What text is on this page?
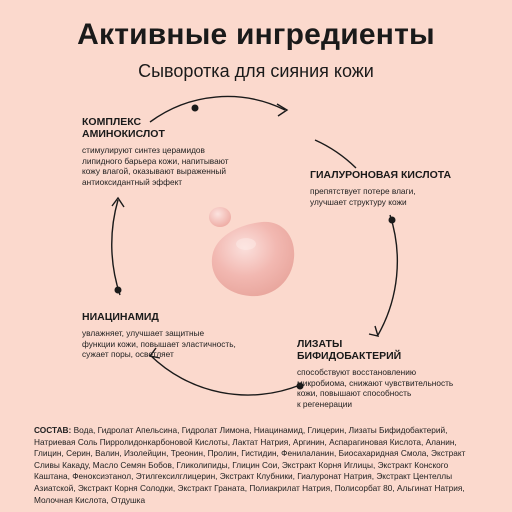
Активные ингредиенты
Сыворотка для сияния кожи
КОМПЛЕКС
АМИНОКИСЛОТ
стимулируют синтез церамидов
липидного барьера кожи, напитывают
кожу влагой, оказывают выраженный
антиоксидантный эффект
ГИАЛУРОНОВАЯ КИСЛОТА
препятствует потере влаги,
улучшает структуру кожи
НИАЦИНАМИД
увлажняет, улучшает защитные
функции кожи, повышает эластичность,
сужает поры, осветляет
ЛИЗАТЫ
БИФИДОБАКТЕРИЙ
способствуют восстановлению
микробиома, снижают чувствительность
кожи, повышают способность
к регенерации
СОСТАВ: Вода, Гидролат Апельсина, Гидролат Лимона, Ниацинамид, Глицерин, Лизаты Бифидобактерий, Натриевая Соль Пирролидонкарбоновой Кислоты, Лактат Натрия, Аргинин, Аспарагиновая Кислота, Аланин, Глицин, Серин, Валин, Изолейцин, Треонин, Пролин, Гистидин, Фенилаланин, Биосахаридная Смола, Экстракт Сливы Какаду, Масло Семян Бобов, Гликолипиды, Глицин Сои, Экстракт Корня Иглицы, Экстракт Конского Каштана, Феноксиэтанол, Этилгексилглицерин, Экстракт Клубники, Гиалуронат Натрия, Экстракт Центеллы Азиатской, Экстракт Корня Солодки, Экстракт Граната, Полиакрилат Натрия, Полисорбат 80, Альгинат Натрия, Молочная Кислота, Отдушка
